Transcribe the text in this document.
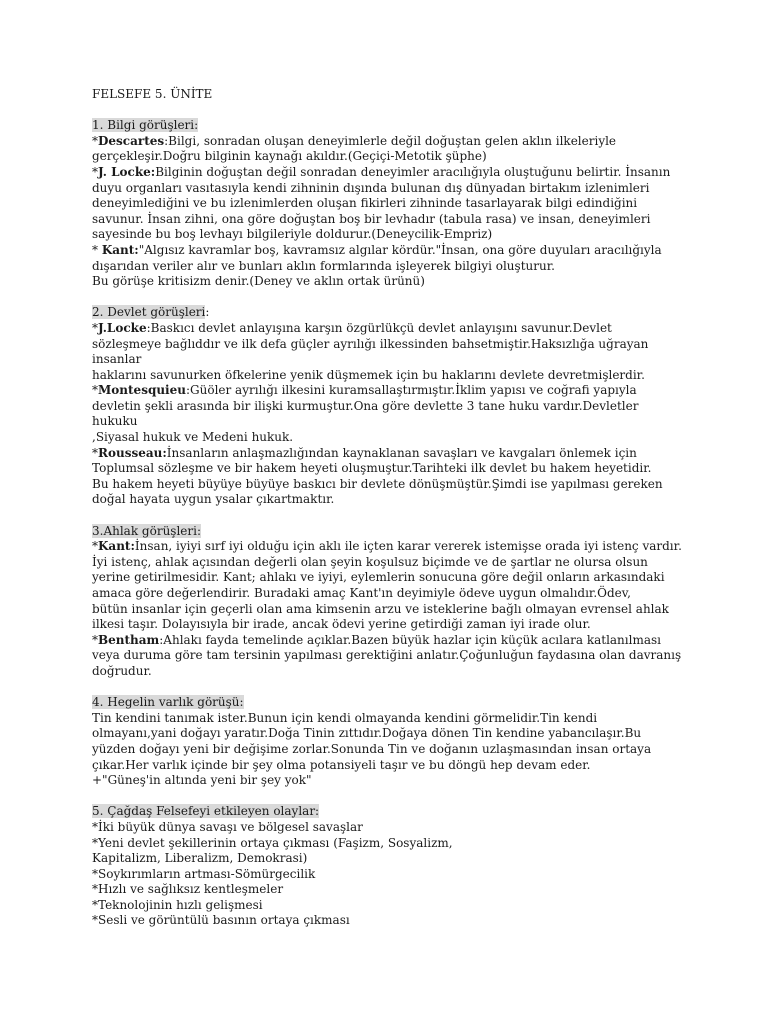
FELSEFE 5. ÜNİTE
1. Bilgi görüşleri:
*Descartes:Bilgi, sonradan oluşan deneyimlerle değil doğuştan gelen aklın ilkeleriyle
gerçekleşir.Doğru bilginin kaynağı akıldır.(Geçiçi-Metotik şüphe)
*J. Locke:Bilginin doğuştan değil sonradan deneyimler aracılığıyla oluştuğunu belirtir. İnsanın
duyu organları vasıtasıyla kendi zihninin dışında bulunan dış dünyadan birtakım izlenimleri
deneyimlediğini ve bu izlenimlerden oluşan fikirleri zihninde tasarlayarak bilgi edindiğini
savunur. İnsan zihni, ona göre doğuştan boş bir levhadır (tabula rasa) ve insan, deneyimleri
sayesinde bu boş levhayı bilgileriyle doldurur.(Deneycilik-Empriz)
* Kant:"Algısız kavramlar boş, kavramsız algılar kördür."İnsan, ona göre duyuları aracılığıyla
dışarıdan veriler alır ve bunları aklın formlarında işleyerek bilgiyi oluşturur.
Bu görüşe kritisizm denir.(Deney ve aklın ortak ürünü)
2. Devlet görüşleri:
*J.Locke:Baskıcı devlet anlayışına karşın özgürlükçü devlet anlayışını savunur.Devlet
sözleşmeye bağlıddır ve ilk defa güçler ayrılığı ilkessinden bahsetmiştir.Haksızlığa uğrayan
insanlar
haklarını savunurken öfkelerine yenik düşmemek için bu haklarını devlete devretmişlerdir.
*Montesquieu:Güöler ayrılığı ilkesini kuramsallaştırmıştır.İklim yapısı ve coğrafi yapıyla
devletin şekli arasında bir ilişki kurmuştur.Ona göre devlette 3 tane huku vardır.Devletler
hukuku
,Siyasal hukuk ve Medeni hukuk.
*Rousseau:İnsanların anlaşmazlığından kaynaklanan savaşları ve kavgaları önlemek için
Toplumsal sözleşme ve bir hakem heyeti oluşmuştur.Tarihteki ilk devlet bu hakem heyetidir.
Bu hakem heyeti büyüye büyüye baskıcı bir devlete dönüşmüştür.Şimdi ise yapılması gereken
doğal hayata uygun ysalar çıkartmaktır.
3.Ahlak görüşleri:
*Kant:İnsan, iyiyi sırf iyi olduğu için aklı ile içten karar vererek istemişse orada iyi istenç vardır.
İyi istenç, ahlak açısından değerli olan şeyin koşulsuz biçimde ve de şartlar ne olursa olsun
yerine getirilmesidir. Kant; ahlakı ve iyiyi, eylemlerin sonucuna göre değil onların arkasındaki
amaca göre değerlendirir. Buradaki amaç Kant'ın deyimiyle ödeve uygun olmalıdır.Ödev,
bütün insanlar için geçerli olan ama kimsenin arzu ve isteklerine bağlı olmayan evrensel ahlak
ilkesi taşır. Dolayısıyla bir irade, ancak ödevi yerine getirdiği zaman iyi irade olur.
*Bentham:Ahlakı fayda temelinde açıklar.Bazen büyük hazlar için küçük acılara katlanılması
veya duruma göre tam tersinin yapılması gerektiğini anlatır.Çoğunluğun faydasına olan davranış
doğrudur.
4. Hegelin varlık görüşü:
Tin kendini tanımak ister.Bunun için kendi olmayanda kendini görmelidir.Tin kendi
olmayanı,yani doğayı yaratır.Doğa Tinin zıttıdır.Doğaya dönen Tin kendine yabancılaşır.Bu
yüzden doğayı yeni bir değişime zorlar.Sonunda Tin ve doğanın uzlaşmasından insan ortaya
çıkar.Her varlık içinde bir şey olma potansiyeli taşır ve bu döngü hep devam eder.
+"Güneş'in altında yeni bir şey yok"
5. Çağdaş Felsefeyi etkileyen olaylar:
*İki büyük dünya savaşı ve bölgesel savaşlar
*Yeni devlet şekillerinin ortaya çıkması (Faşizm, Sosyalizm,
Kapitalizm, Liberalizm, Demokrasi)
*Soykırımların artması-Sömürgecilik
*Hızlı ve sağlıksız kentleşmeler
*Teknolojinin hızlı gelişmesi
*Sesli ve görüntülü basının ortaya çıkması
